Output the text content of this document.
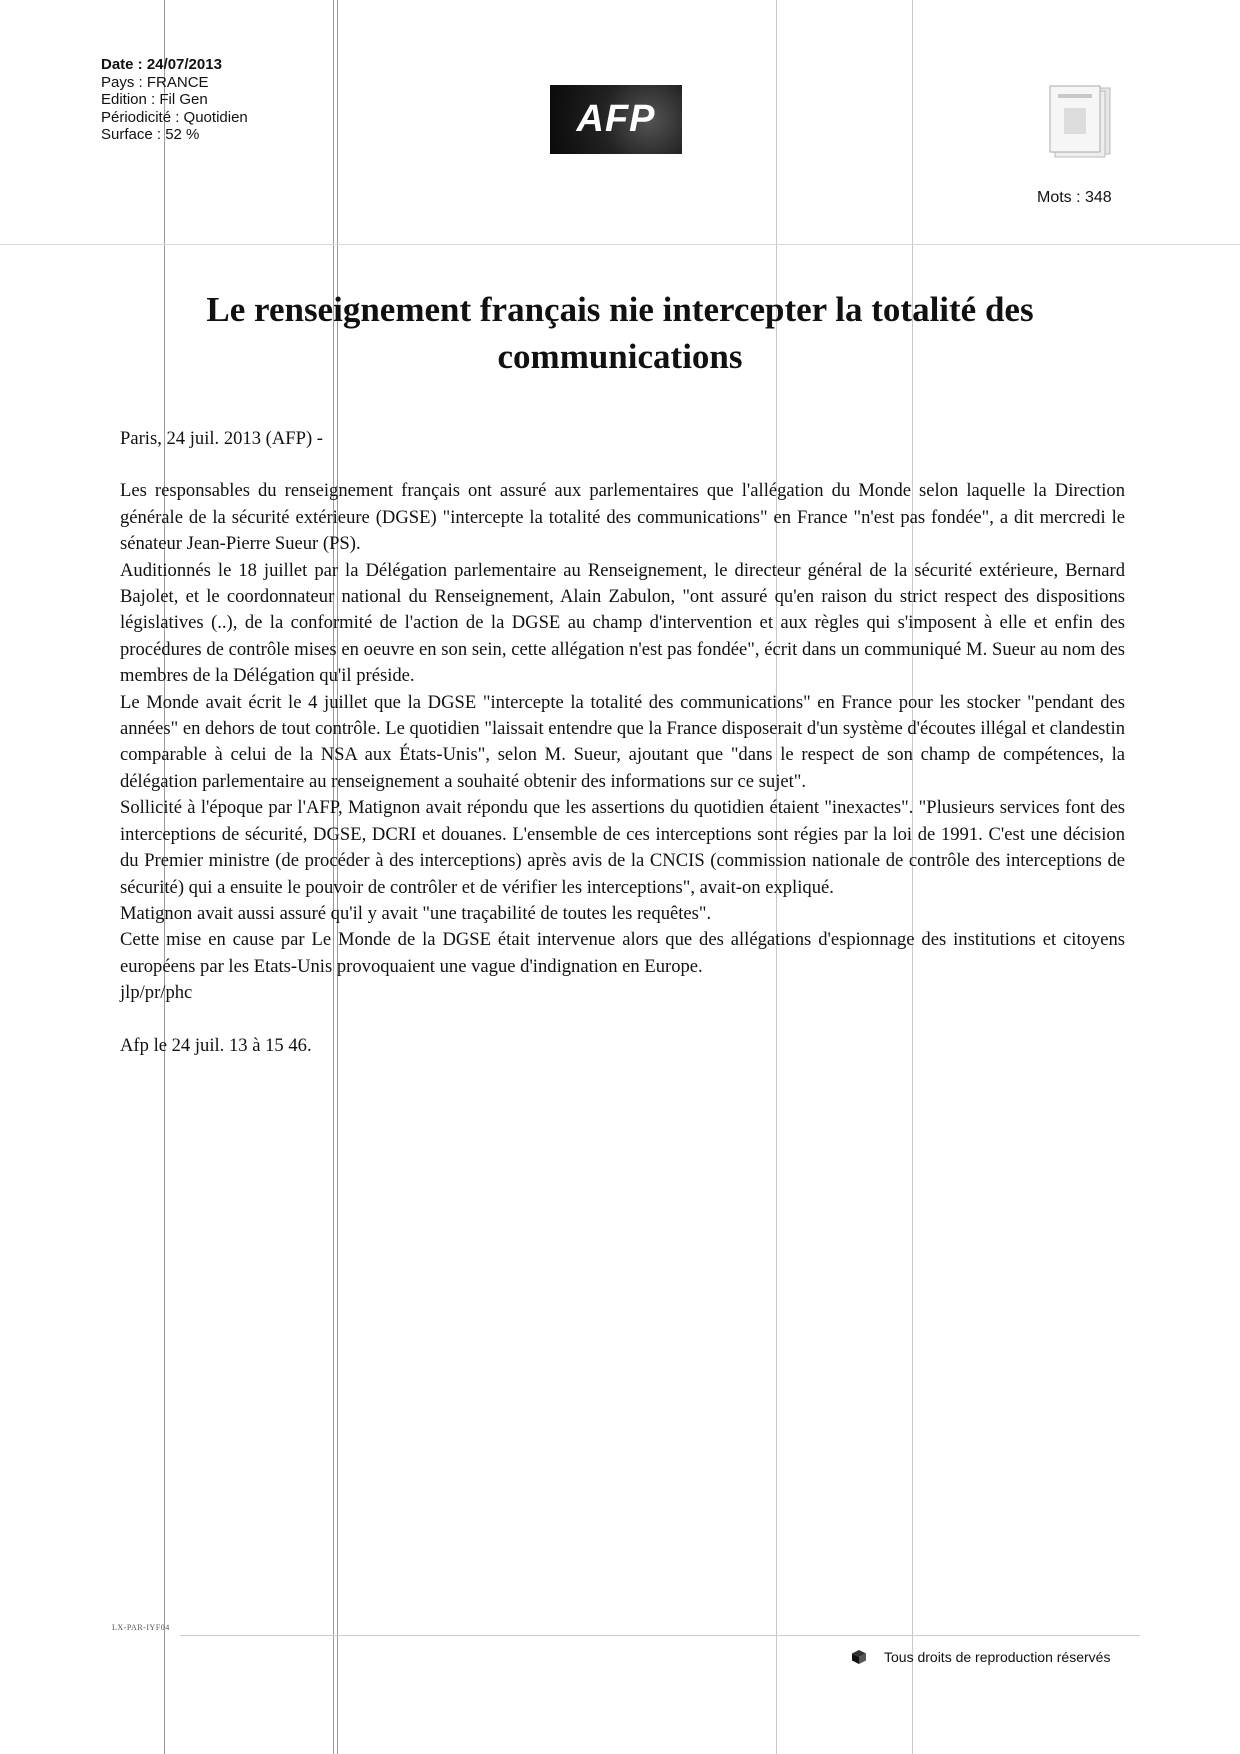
Date : 24/07/2013
Pays : FRANCE
Edition : Fil Gen
Périodicité : Quotidien
Surface : 52 %	AFP
Mots : 348
Le renseignement français nie intercepter la totalité des communications

Paris, 24 juil. 2013 (AFP) -

Les responsables du renseignement français ont assuré aux parlementaires que l'allégation du Monde selon laquelle la Direction générale de la sécurité extérieure (DGSE) "intercepte la totalité des communications" en France "n'est pas fondée", a dit mercredi le sénateur Jean-Pierre Sueur (PS).

Auditionnés le 18 juillet par la Délégation parlementaire au Renseignement, le directeur général de la sécurité extérieure, Bernard Bajolet, et le coordonnateur national du Renseignement, Alain Zabulon, "ont assuré qu'en raison du strict respect des dispositions législatives (..), de la conformité de l'action de la DGSE au champ d'intervention et aux règles qui s'imposent à elle et enfin des procédures de contrôle mises en oeuvre en son sein, cette allégation n'est pas fondée", écrit dans un communiqué M. Sueur au nom des membres de la Délégation qu'il préside.

Le Monde avait écrit le 4 juillet que la DGSE "intercepte la totalité des communications" en France pour les stocker "pendant des années" en dehors de tout contrôle. Le quotidien "laissait entendre que la France disposerait d'un système d'écoutes illégal et clandestin comparable à celui de la NSA aux États-Unis", selon M. Sueur, ajoutant que "dans le respect de son champ de compétences, la délégation parlementaire au renseignement a souhaité obtenir des informations sur ce sujet".

Sollicité à l'époque par l'AFP, Matignon avait répondu que les assertions du quotidien étaient "inexactes". "Plusieurs services font des interceptions de sécurité, DGSE, DCRI et douanes. L'ensemble de ces interceptions sont régies par la loi de 1991. C'est une décision du Premier ministre (de procéder à des interceptions) après avis de la CNCIS (commission nationale de contrôle des interceptions de sécurité) qui a ensuite le pouvoir de contrôler et de vérifier les interceptions", avait-on expliqué.

Matignon avait aussi assuré qu'il y avait "une traçabilité de toutes les requêtes".

Cette mise en cause par Le Monde de la DGSE était intervenue alors que des allégations d'espionnage des institutions et citoyens européens par les Etats-Unis provoquaient une vague d'indignation en Europe.

jlp/pr/phc

Afp le 24 juil. 13 à 15 46.

LX-PAR-IYF04
Tous droits de reproduction réservés
